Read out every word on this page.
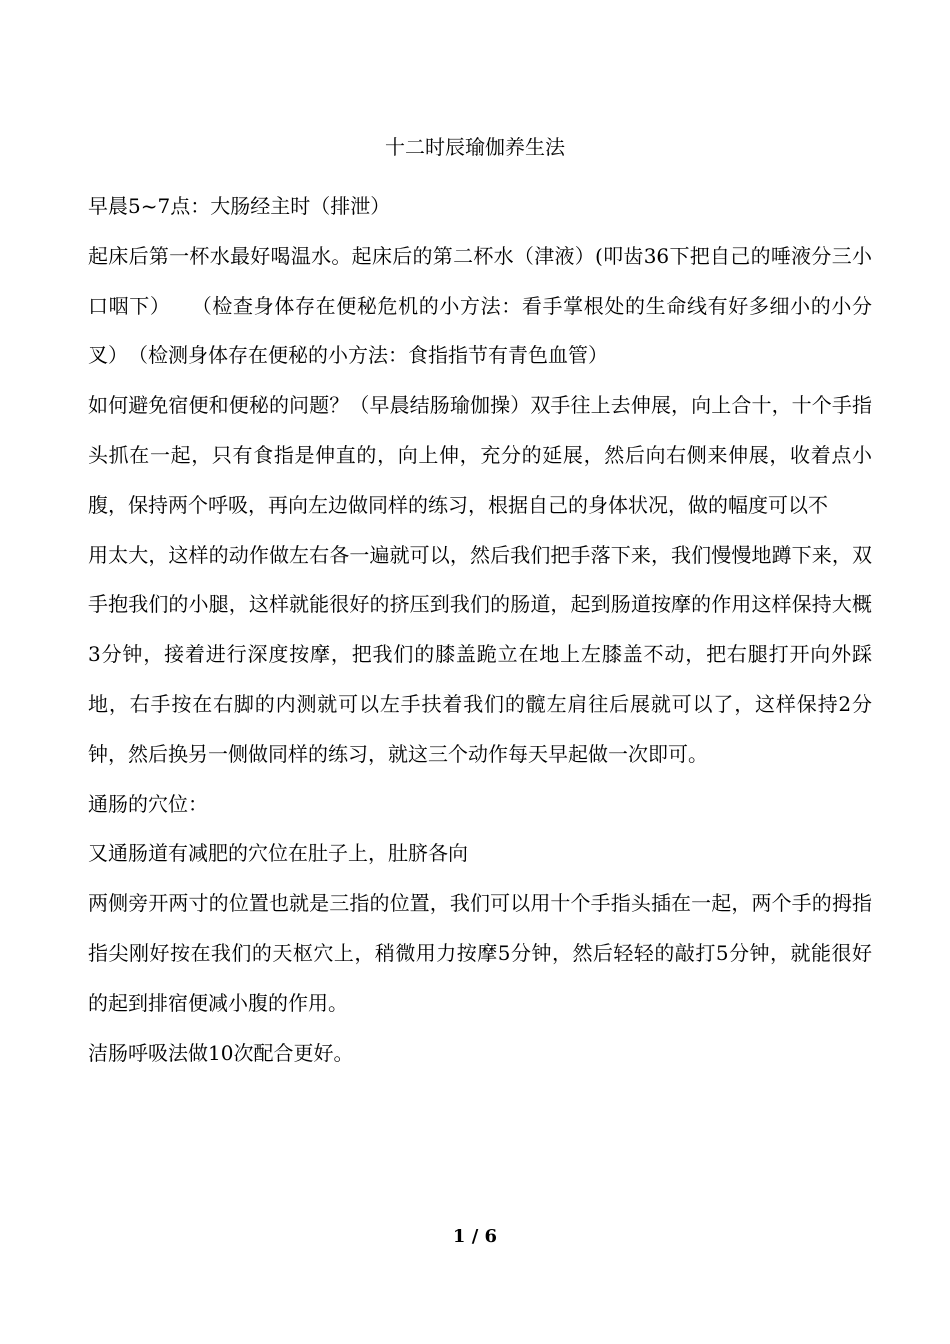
十二时辰瑜伽养生法

早晨5~7点：大肠经主时（排泄）

起床后第一杯水最好喝温水。起床后的第二杯水（津液）(叩齿36下把自己的唾液分三小口咽下）　　（检查身体存在便秘危机的小方法：看手掌根处的生命线有好多细小的小分叉）　（检测身体存在便秘的小方法：食指指节有青色血管）

如何避免宿便和便秘的问题？（早晨结肠瑜伽操）双手往上去伸展，向上合十，十个手指头抓在一起，只有食指是伸直的，向上伸，充分的延展，然后向右侧来伸展，收着点小腹，保持两个呼吸，再向左边做同样的练习，根据自己的身体状况，做的幅度可以不

用太大，这样的动作做左右各一遍就可以，然后我们把手落下来，我们慢慢地蹲下来，双手抱我们的小腿，这样就能很好的挤压到我们的肠道，起到肠道按摩的作用这样保持大概3分钟，接着进行深度按摩，把我们的膝盖跪立在地上左膝盖不动，把右腿打开向外踩地，右手按在右脚的内测就可以左手扶着我们的髋左肩往后展就可以了，这样保持2分钟，然后换另一侧做同样的练习，就这三个动作每天早起做一次即可。

通肠的穴位：

又通肠道有减肥的穴位在肚子上，肚脐各向

两侧旁开两寸的位置也就是三指的位置，我们可以用十个手指头插在一起，两个手的拇指指尖刚好按在我们的天枢穴上，稍微用力按摩5分钟，然后轻轻的敲打5分钟，就能很好的起到排宿便减小腹的作用。

洁肠呼吸法做10次配合更好。

1 / 6
